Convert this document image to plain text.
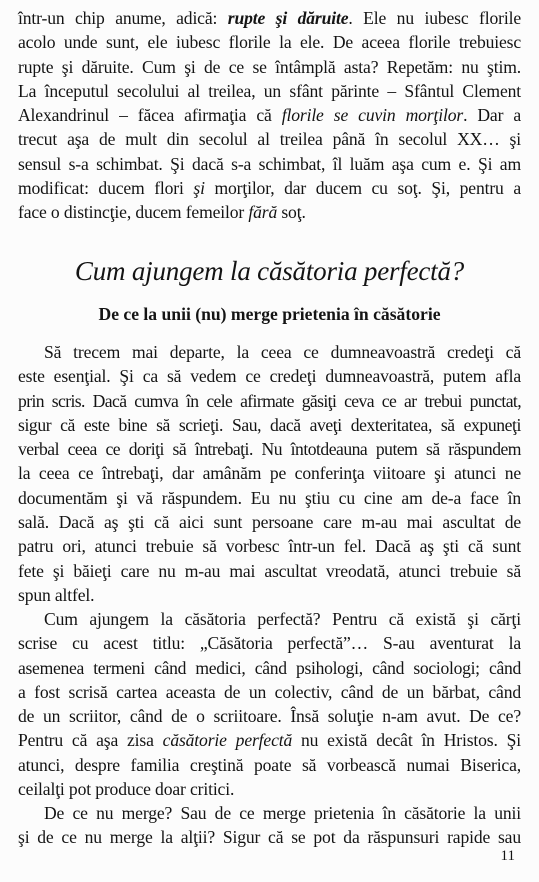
într-un chip anume, adică: rupte şi dăruite. Ele nu iubesc florile
acolo unde sunt, ele iubesc florile la ele. De aceea florile trebuiesc
rupte şi dăruite. Cum şi de ce se întâmplă asta? Repetăm: nu ştim.
La începutul secolului al treilea, un sfânt părinte – Sfântul Clement
Alexandrinul – făcea afirmaţia că florile se cuvin morţilor. Dar a
trecut aşa de mult din secolul al treilea până în secolul XX… şi
sensul s-a schimbat. Şi dacă s-a schimbat, îl luăm aşa cum e. Şi am
modificat: ducem flori şi morţilor, dar ducem cu soţ. Şi, pentru a
face o distincţie, ducem femeilor fără soţ.
Cum ajungem la căsătoria perfectă?
De ce la unii (nu) merge prietenia în căsătorie
Să trecem mai departe, la ceea ce dumneavoastră credeţi că
este esenţial. Şi ca să vedem ce credeţi dumneavoastră, putem afla
prin scris. Dacă cumva în cele afirmate găsiţi ceva ce ar trebui punctat,
sigur că este bine să scrieţi. Sau, dacă aveţi dexteritatea, să expuneţi
verbal ceea ce doriţi să întrebaţi. Nu întotdeauna putem să răspundem
la ceea ce întrebaţi, dar amânăm pe conferinţa viitoare şi atunci ne
documentăm şi vă răspundem. Eu nu ştiu cu cine am de-a face în
sală. Dacă aş şti că aici sunt persoane care m-au mai ascultat de
patru ori, atunci trebuie să vorbesc într-un fel. Dacă aş şti că sunt
fete şi băieţi care nu m-au mai ascultat vreodată, atunci trebuie să
spun altfel.
Cum ajungem la căsătoria perfectă? Pentru că există şi cărţi
scrise cu acest titlu: „Căsătoria perfectă”… S-au aventurat la
asemenea termeni când medici, când psihologi, când sociologi; când
a fost scrisă cartea aceasta de un colectiv, când de un bărbat, când
de un scriitor, când de o scriitoare. Însă soluţie n-am avut. De ce?
Pentru că aşa zisa căsătorie perfectă nu există decât în Hristos. Şi
atunci, despre familia creştină poate să vorbească numai Biserica,
ceilalţi pot produce doar critici.
De ce nu merge? Sau de ce merge prietenia în căsătorie la unii
şi de ce nu merge la alţii? Sigur că se pot da răspunsuri rapide sau
11
